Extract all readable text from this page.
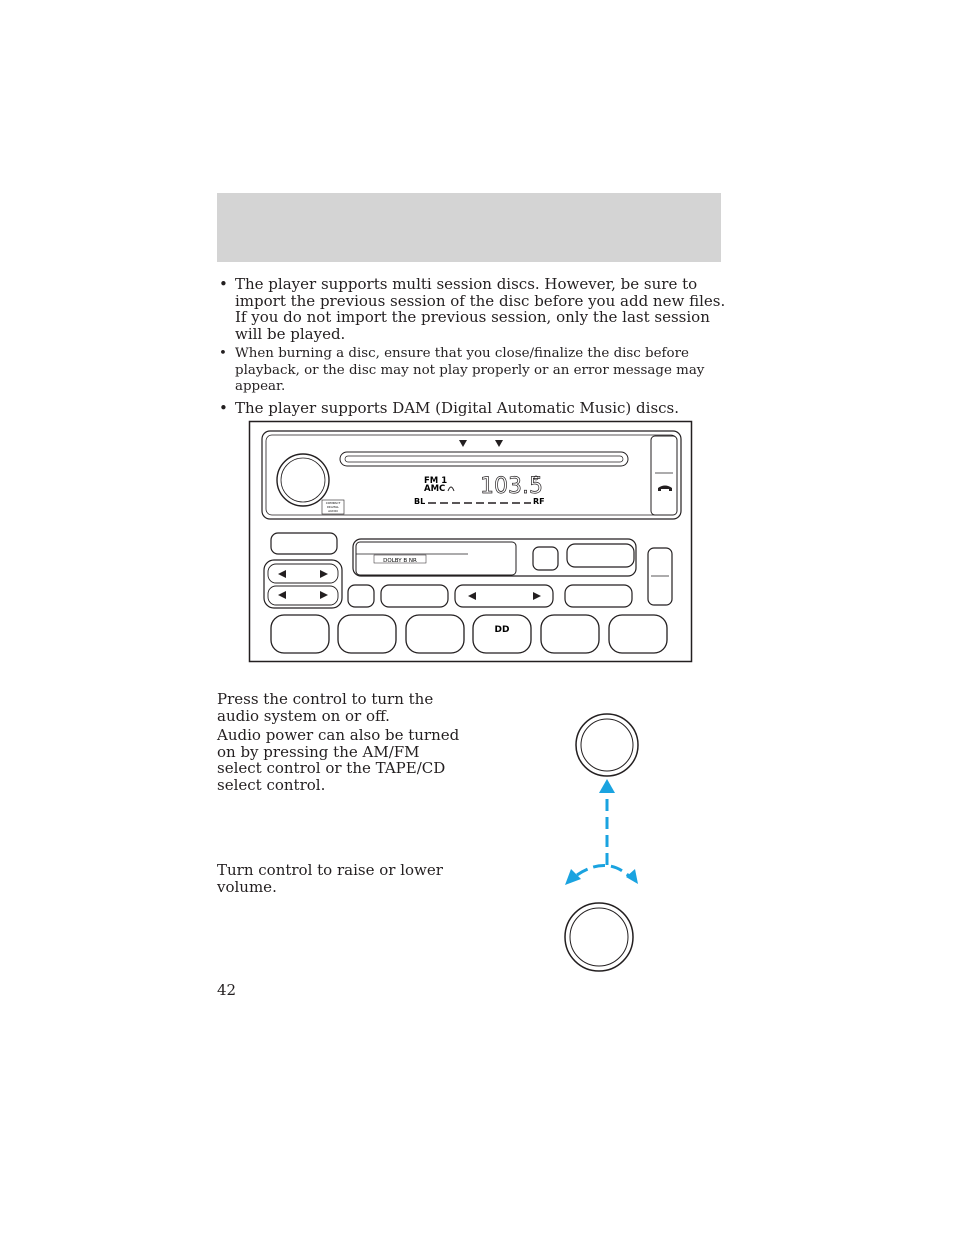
• The player supports multi session discs. However, be sure to import the previous session of the disc before you add new files. If you do not import the previous session, only the last session will be played.
• When burning a disc, ensure that you close/finalize the disc before playback, or the disc may not play properly or an error message may appear.
• The player supports DAM (Digital Automatic Music) discs.
COMPACT
DIGITAL
AUDIO
FM 1
AMC 103.5
BL	RF
DOLBY B NR
DD

Press the control to turn the audio system on or off.

Audio power can also be turned on by pressing the AM/FM select control or the TAPE/CD select control.

Turn control to raise or lower volume.

42
